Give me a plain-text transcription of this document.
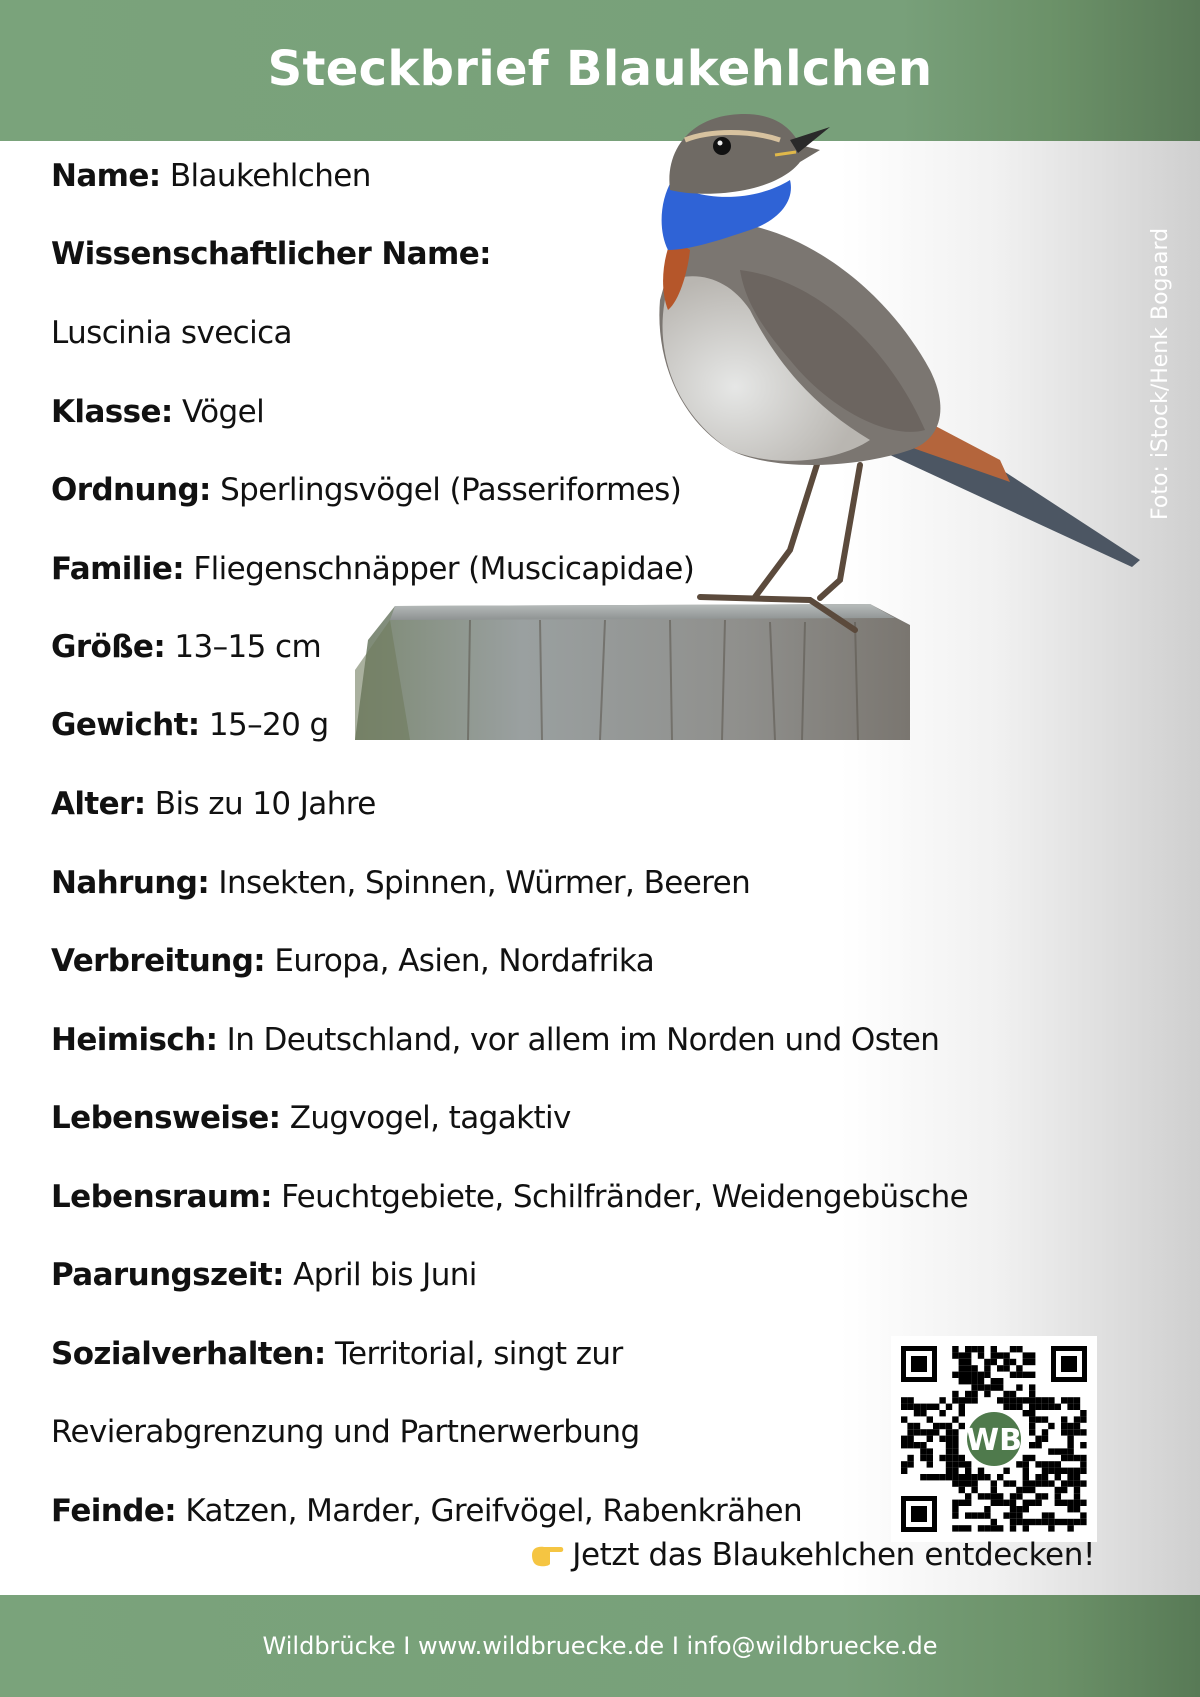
Steckbrief Blaukehlchen
Foto: iStock/Henk Bogaard
Name: Blaukehlchen
Wissenschaftlicher Name:
Luscinia svecica
Klasse: Vögel
Ordnung: Sperlingsvögel (Passeriformes)
Familie: Fliegenschnäpper (Muscicapidae)
Größe: 13–15 cm
Gewicht: 15–20 g
Alter: Bis zu 10 Jahre
Nahrung: Insekten, Spinnen, Würmer, Beeren
Verbreitung: Europa, Asien, Nordafrika
Heimisch: In Deutschland, vor allem im Norden und Osten
Lebensweise: Zugvogel, tagaktiv
Lebensraum: Feuchtgebiete, Schilfränder, Weidengebüsche
Paarungszeit: April bis Juni
Sozialverhalten: Territorial, singt zur
Revierabgrenzung und Partnerwerbung
Feinde: Katzen, Marder, Greifvögel, Rabenkrähen
WB
Jetzt das Blaukehlchen entdecken!
Wildbrücke I www.wildbruecke.de I info@wildbruecke.de
